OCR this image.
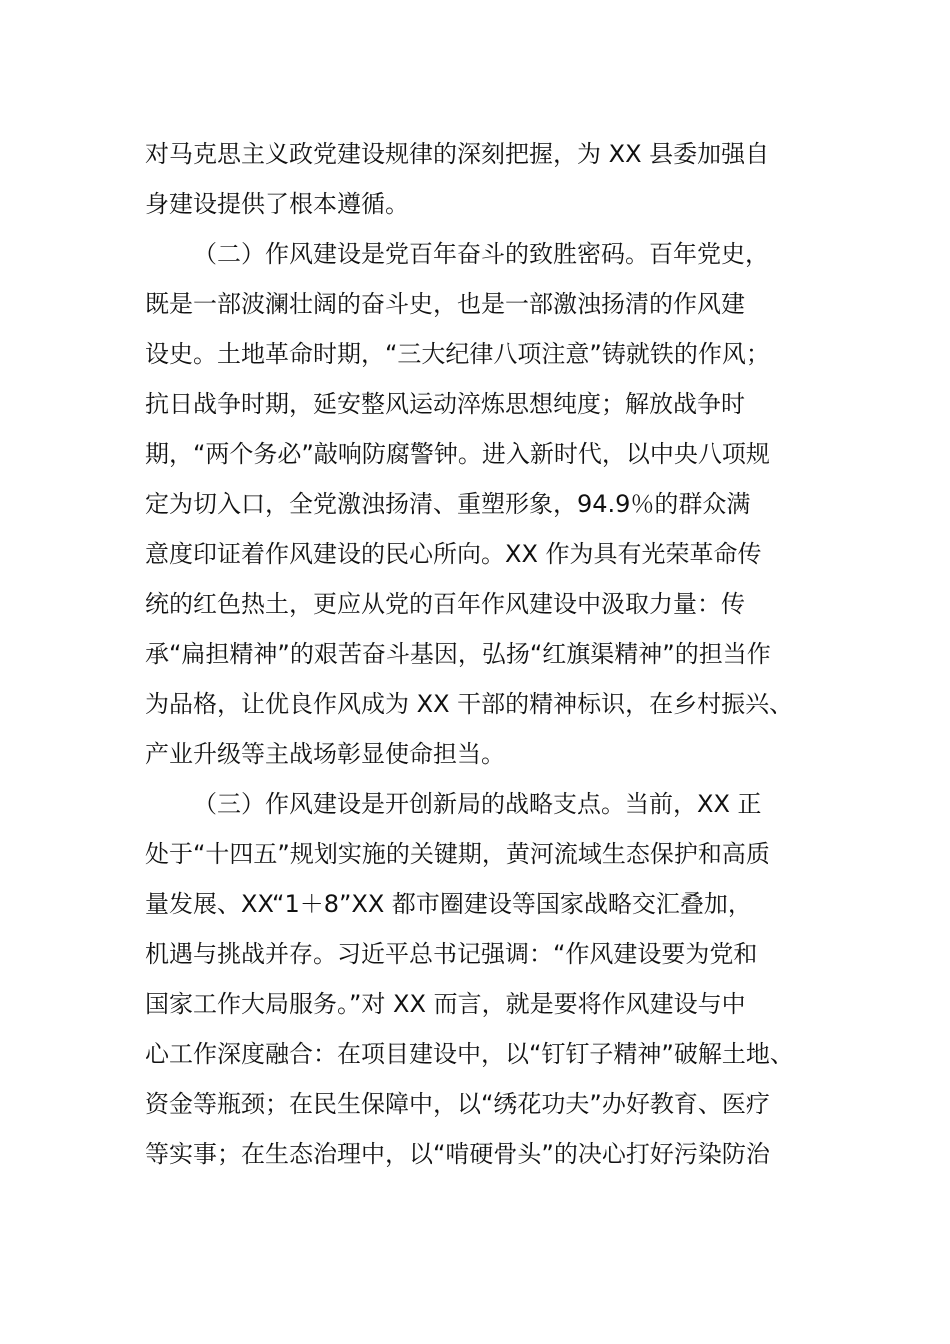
对马克思主义政党建设规律的深刻把握，为 XX 县委加强自
身建设提供了根本遵循。
（二）作风建设是党百年奋斗的致胜密码。百年党史，
既是一部波澜壮阔的奋斗史，也是一部激浊扬清的作风建
设史。土地革命时期，“三大纪律八项注意”铸就铁的作风；
抗日战争时期，延安整风运动淬炼思想纯度；解放战争时
期，“两个务必”敲响防腐警钟。进入新时代，以中央八项规
定为切入口，全党激浊扬清、重塑形象，94.9％的群众满
意度印证着作风建设的民心所向。XX 作为具有光荣革命传
统的红色热土，更应从党的百年作风建设中汲取力量：传
承“扁担精神”的艰苦奋斗基因，弘扬“红旗渠精神”的担当作
为品格，让优良作风成为 XX 干部的精神标识，在乡村振兴、
产业升级等主战场彰显使命担当。
（三）作风建设是开创新局的战略支点。当前，XX 正
处于“十四五”规划实施的关键期，黄河流域生态保护和高质
量发展、XX“1＋8”XX 都市圈建设等国家战略交汇叠加，
机遇与挑战并存。习近平总书记强调：“作风建设要为党和
国家工作大局服务。”对 XX 而言，就是要将作风建设与中
心工作深度融合：在项目建设中，以“钉钉子精神”破解土地、
资金等瓶颈；在民生保障中，以“绣花功夫”办好教育、医疗
等实事；在生态治理中，以“啃硬骨头”的决心打好污染防治
